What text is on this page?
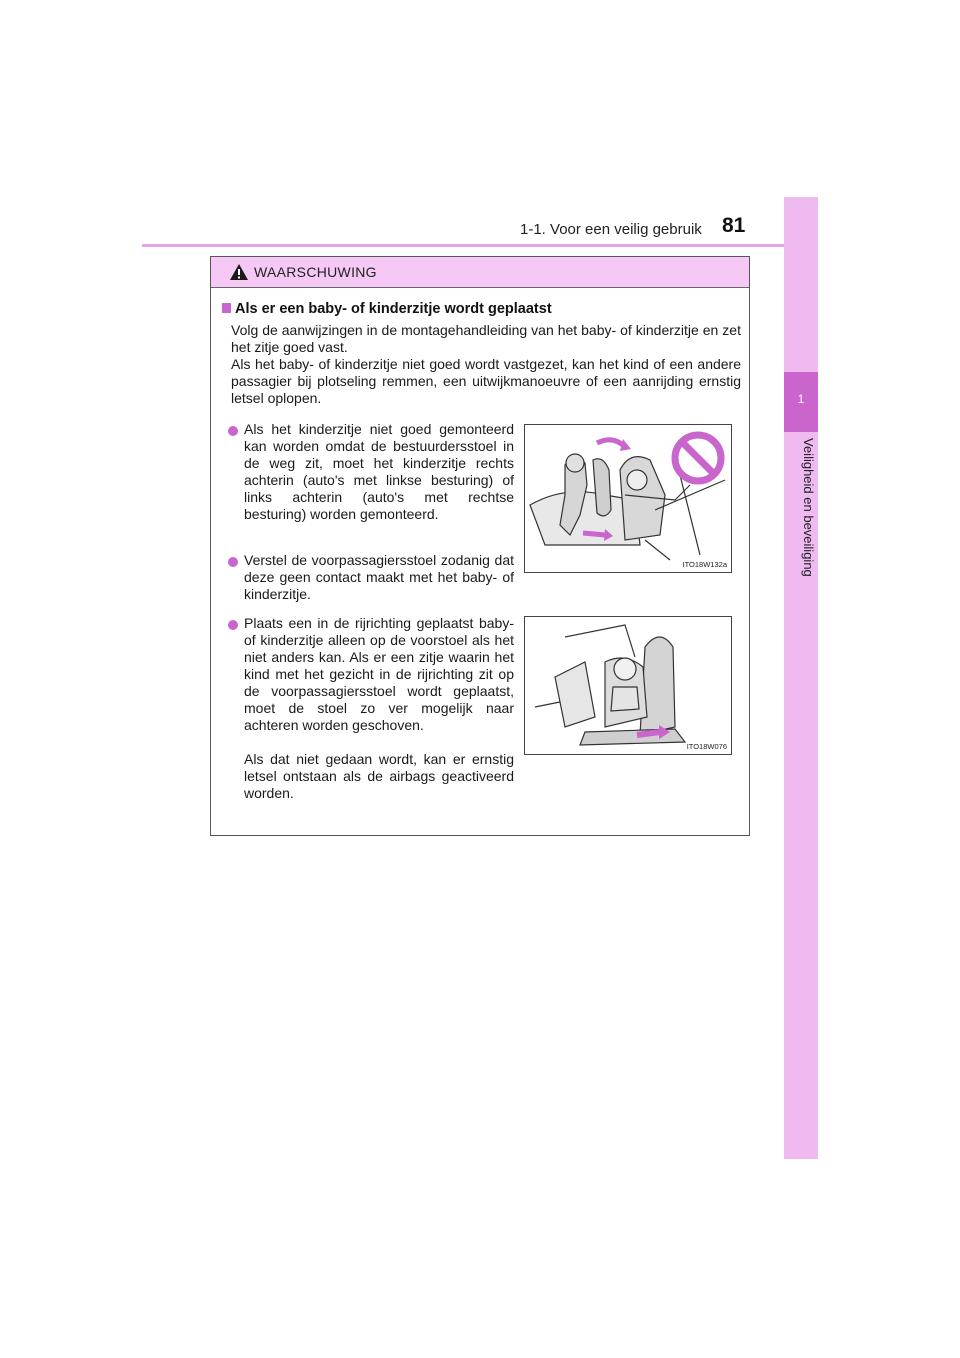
1-1. Voor een veilig gebruik 81
1
Veiligheid en beveiliging
WAARSCHUWING
Als er een baby- of kinderzitje wordt geplaatst
Volg de aanwijzingen in de montagehandleiding van het baby- of kinderzitje en zet het zitje goed vast.
Als het baby- of kinderzitje niet goed wordt vastgezet, kan het kind of een andere passagier bij plotseling remmen, een uitwijkmanoeuvre of een aanrijding ernstig letsel oplopen.
Als het kinderzitje niet goed gemonteerd kan worden omdat de bestuurdersstoel in de weg zit, moet het kinderzitje rechts achterin (auto's met linkse besturing) of links achterin (auto's met rechtse besturing) worden gemonteerd.
Verstel de voorpassagiersstoel zodanig dat deze geen contact maakt met het baby- of kinderzitje.
Plaats een in de rijrichting geplaatst baby- of kinderzitje alleen op de voorstoel als het niet anders kan. Als er een zitje waarin het kind met het gezicht in de rijrichting zit op de voorpassagiersstoel wordt geplaatst, moet de stoel zo ver mogelijk naar achteren worden geschoven.
Als dat niet gedaan wordt, kan er ernstig letsel ontstaan als de airbags geactiveerd worden.
ITO18W132a
ITO18W076
